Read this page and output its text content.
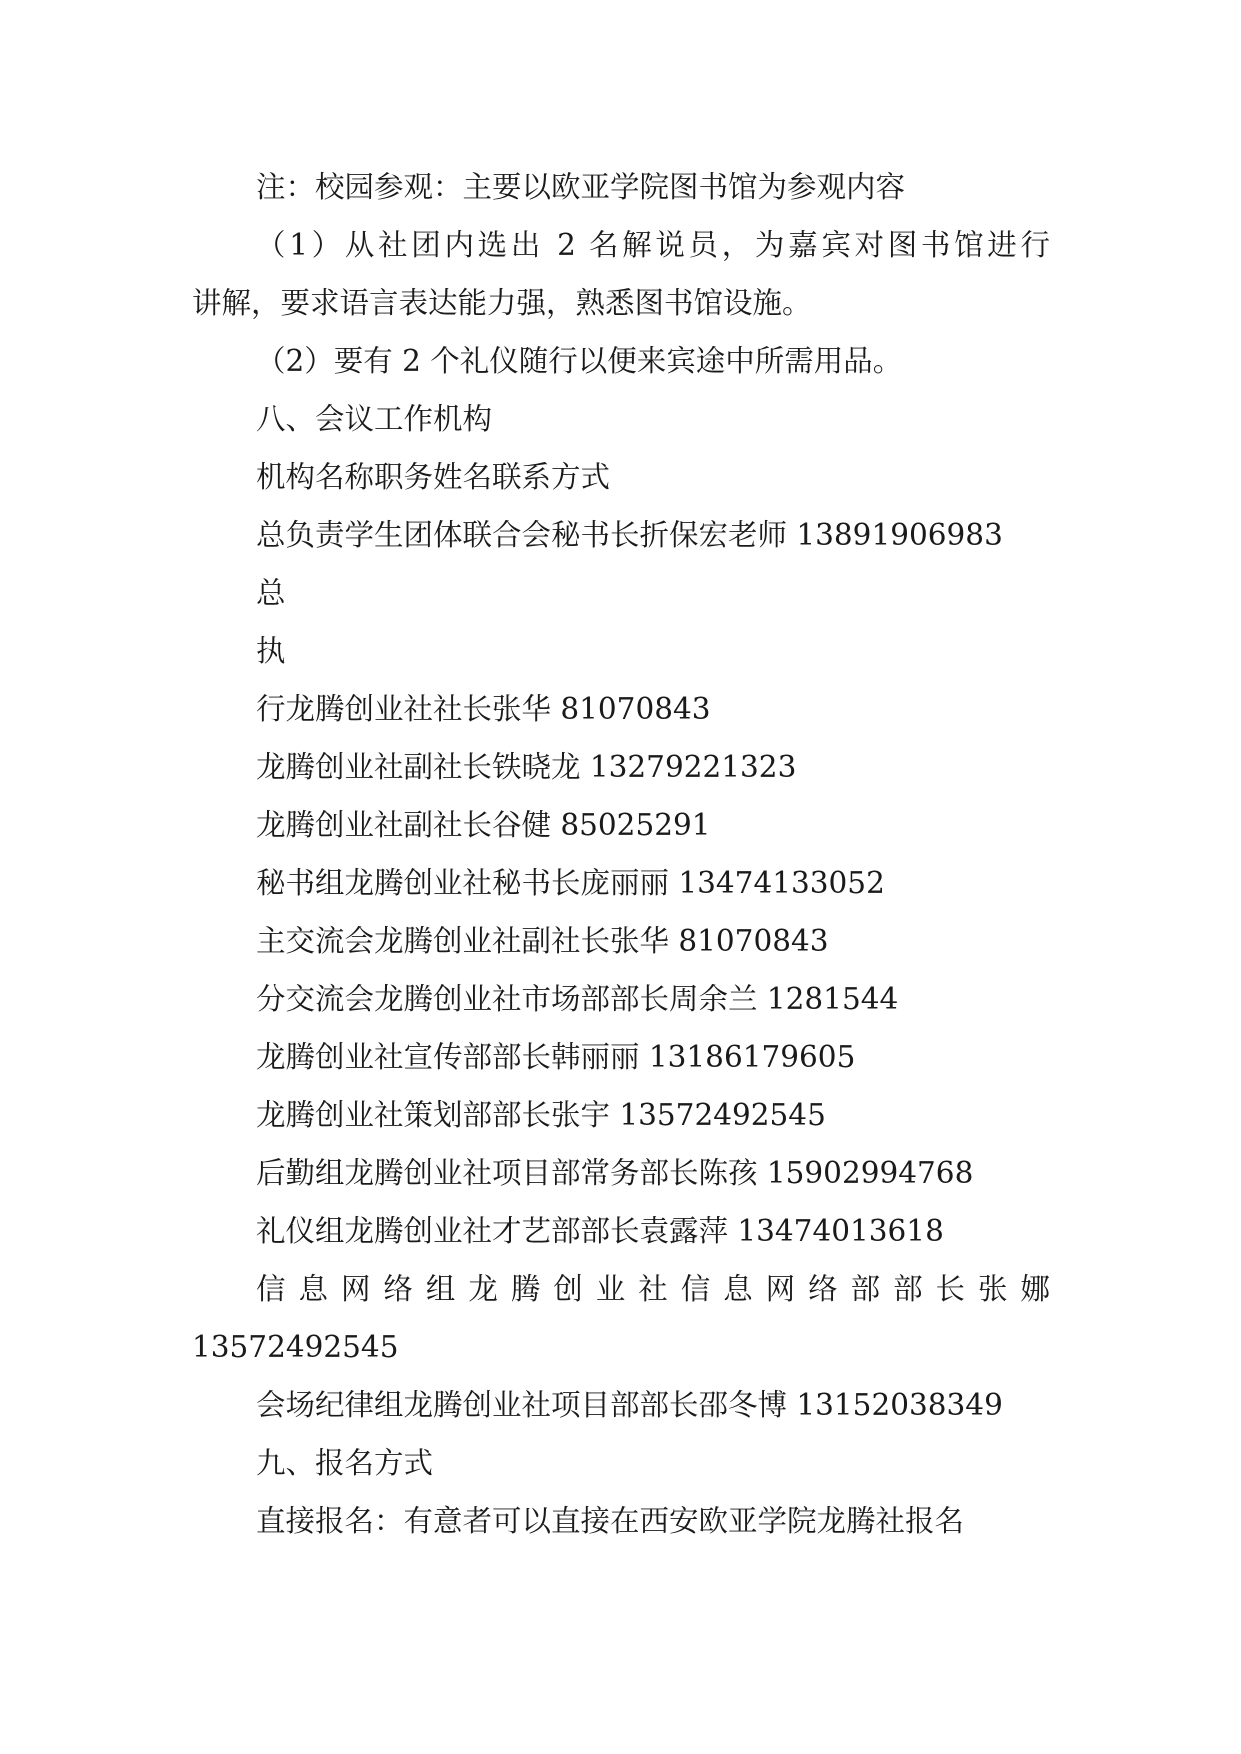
注：校园参观：主要以欧亚学院图书馆为参观内容
（1）从社团内选出 2 名解说员，为嘉宾对图书馆进行
讲解，要求语言表达能力强，熟悉图书馆设施。
（2）要有 2 个礼仪随行以便来宾途中所需用品。
八、会议工作机构
机构名称职务姓名联系方式
总负责学生团体联合会秘书长折保宏老师 13891906983
总
执
行龙腾创业社社长张华 81070843
龙腾创业社副社长铁晓龙 13279221323
龙腾创业社副社长谷健 85025291
秘书组龙腾创业社秘书长庞丽丽 13474133052
主交流会龙腾创业社副社长张华 81070843
分交流会龙腾创业社市场部部长周余兰 1281544
龙腾创业社宣传部部长韩丽丽 13186179605
龙腾创业社策划部部长张宇 13572492545
后勤组龙腾创业社项目部常务部长陈孩 15902994768
礼仪组龙腾创业社才艺部部长袁露萍 13474013618
信息网络组龙腾创业社信息网络部部长张娜
13572492545
会场纪律组龙腾创业社项目部部长邵冬博 13152038349
九、报名方式
直接报名：有意者可以直接在西安欧亚学院龙腾社报名
